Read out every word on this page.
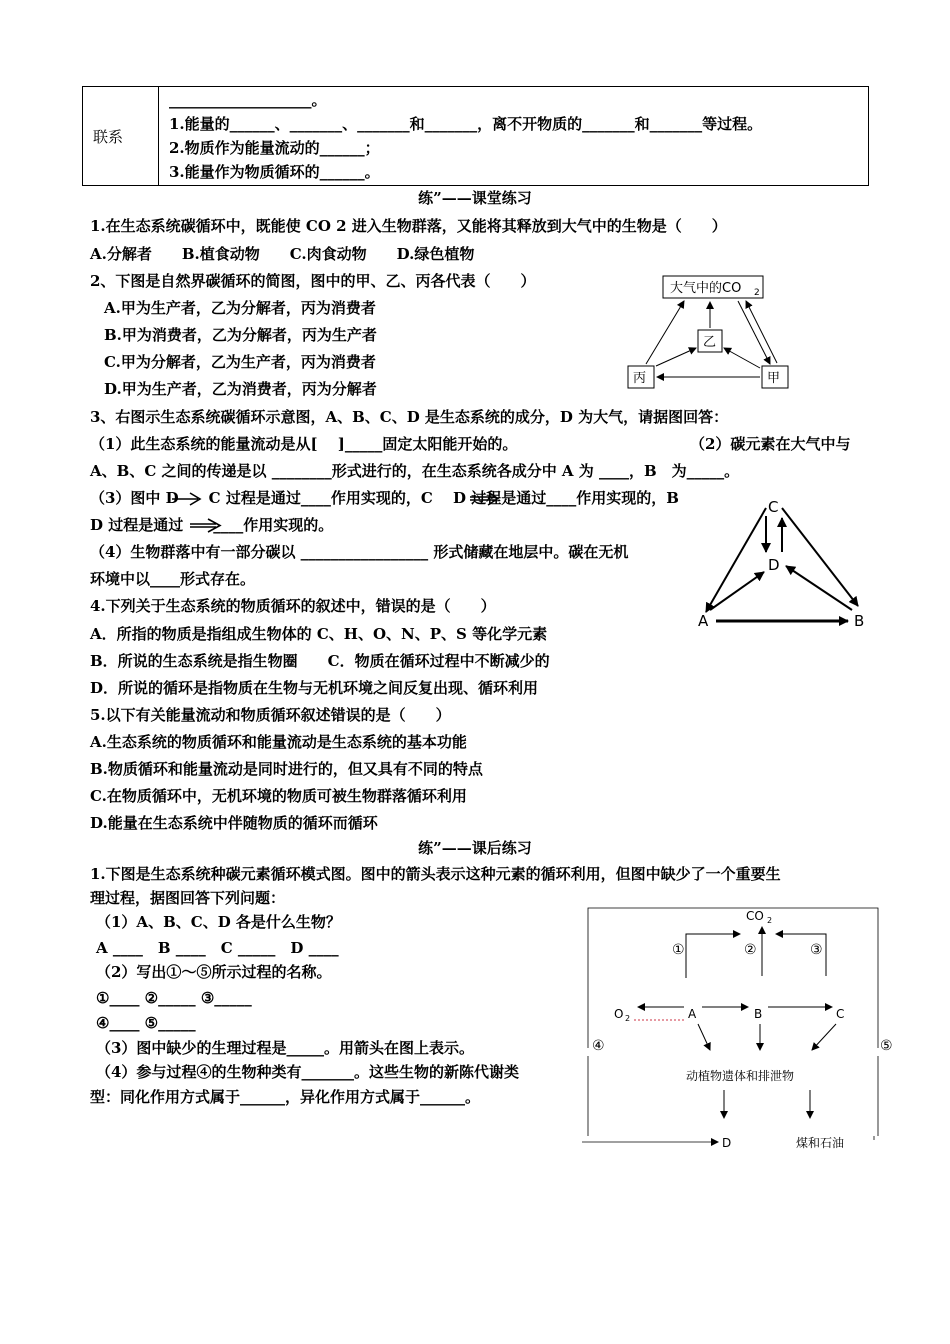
联系	
___________________。
1.能量的______、_______、_______和_______，离不开物质的_______和_______等过程。
2.物质作为能量流动的______；
3.能量作为物质循环的______。
练”——课堂练习
1.在生态系统碳循环中，既能使 CO 2 进入生物群落，又能将其释放到大气中的生物是（　　）
A.分解者　　B.植食动物　　C.肉食动物　　D.绿色植物
2、下图是自然界碳循环的简图，图中的甲、乙、丙各代表（　　）
A.甲为生产者，乙为分解者，丙为消费者
B.甲为消费者，乙为分解者，丙为生产者
C.甲为分解者，乙为生产者，丙为消费者
D.甲为生产者，乙为消费者，丙为分解者
大气中的CO 2
乙
丙	甲
3、右图示生态系统碳循环示意图，A、B、C、D 是生态系统的成分，D 为大气，请据图回答：
（1）此生态系统的能量流动是从[　 ]_____固定太阳能开始的。	（2）碳元素在大气中与
A、B、C 之间的传递是以 ________形式进行的，在生态系统各成分中 A 为 ____，B　为_____。
（3）图中 D　　C 过程是通过____作用实现的，C　 D 过程是通过____作用实现的，B
D 过程是通过　　____作用实现的。
（4）生物群落中有一部分碳以 _________________ 形式储藏在地层中。碳在无机
环境中以____形式存在。
C
D
A	B
4.下列关于生态系统的物质循环的叙述中，错误的是（　　）
A．所指的物质是指组成生物体的 C、H、O、N、P、S 等化学元素
B．所说的生态系统是指生物圈　　C．物质在循环过程中不断减少的
D．所说的循环是指物质在生物与无机环境之间反复出现、循环利用
5.以下有关能量流动和物质循环叙述错误的是（　　）
A.生态系统的物质循环和能量流动是生态系统的基本功能
B.物质循环和能量流动是同时进行的，但又具有不同的特点
C.在物质循环中，无机环境的物质可被生物群落循环利用
D.能量在生态系统中伴随物质的循环而循环
练”——课后练习
1.下图是生态系统种碳元素循环模式图。图中的箭头表示这种元素的循环利用，但图中缺少了一个重要生
理过程，据图回答下列问题：
（1）A、B、C、D 各是什么生物？
A ____　B ____　C _____　D ____
（2）写出①～⑤所示过程的名称。
①____ ②_____ ③_____
④____ ⑤_____
（3）图中缺少的生理过程是_____。用箭头在图上表示。
（4）参与过程④的生物种类有_______。这些生物的新陈代谢类
型：同化作用方式属于______，异化作用方式属于______。
CO 2
①	②	③
O 2	A	B	C
④	⑤
动植物遗体和排泄物
D	煤和石油
